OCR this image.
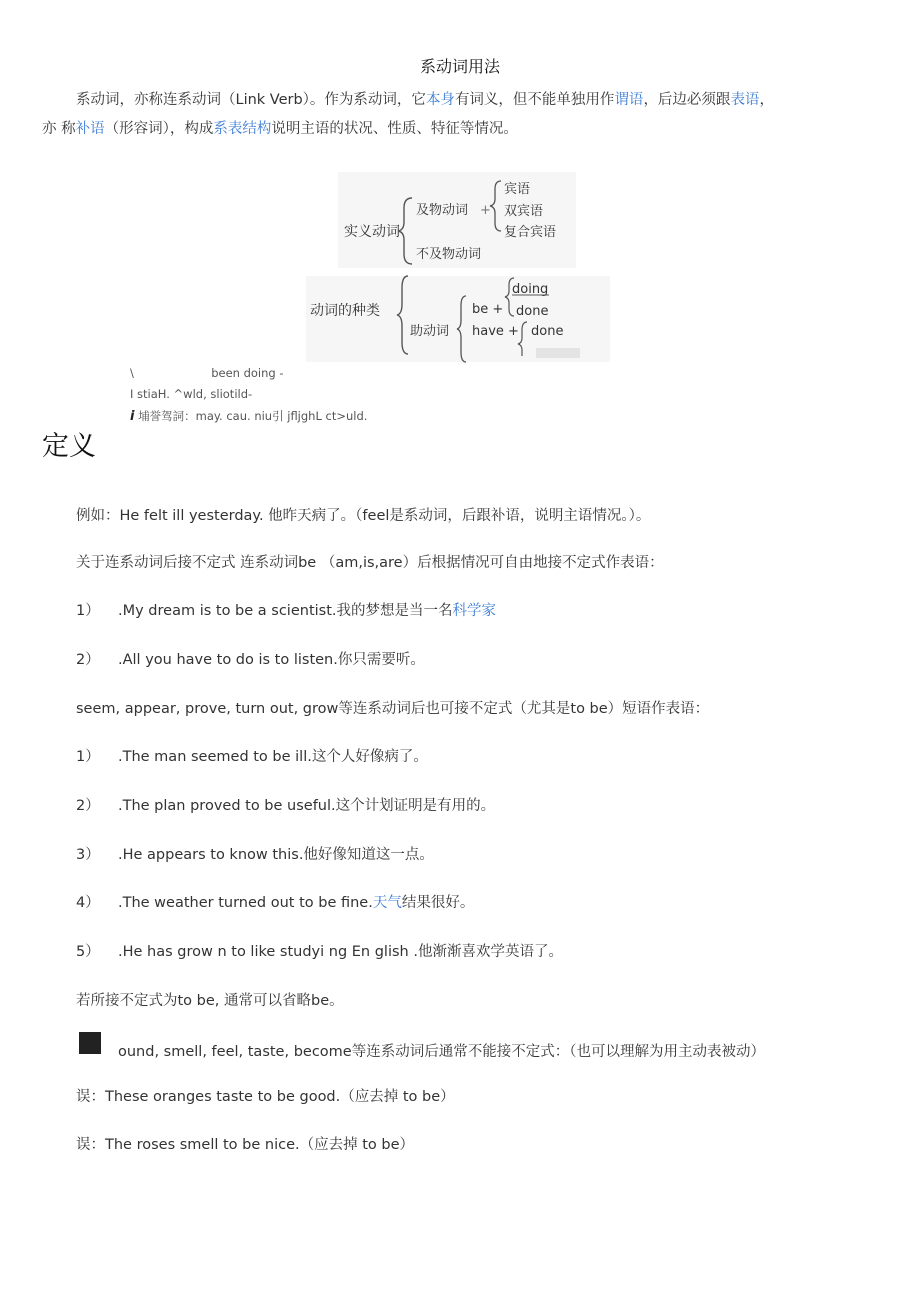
系动词用法
系动词，亦称连系动词（Link Verb）。作为系动词，它本身有词义，但不能单独用作谓语，后边必须跟表语，
亦 称补语（形容词），构成系表结构说明主语的状况、性质、特征等情况。
实义动词
及物动词 +
宾语
双宾语
复合宾语
不及物动词
动词的种类
助动词
be +
have +
doing
done
done
\	been doing -
I stiaH. ^wld, sliotild-
i 埔誉驾詞：may. cau. niu引 jfljghL ct>uld.
定义
例如：He felt ill yesterday. 他昨天病了。（feel是系动词，后跟补语，说明主语情况。）。
关于连系动词后接不定式 连系动词be （am,is,are）后根据情况可自由地接不定式作表语：
1） .My dream is to be a scientist.我的梦想是当一名科学家
2） .All you have to do is to listen.你只需要听。
seem, appear, prove, turn out, grow等连系动词后也可接不定式（尤其是to be）短语作表语：
1） .The man seemed to be ill.这个人好像病了。
2） .The plan proved to be useful.这个计划证明是有用的。
3） .He appears to know this.他好像知道这一点。
4） .The weather turned out to be fine.天气结果很好。
5） .He has grow n to like studyi ng En glish .他渐渐喜欢学英语了。
若所接不定式为to be, 通常可以省略be。
ound, smell, feel, taste, become等连系动词后通常不能接不定式：（也可以理解为用主动表被动）
误：These oranges taste to be good.（应去掉 to be）
误：The roses smell to be nice.（应去掉 to be）
